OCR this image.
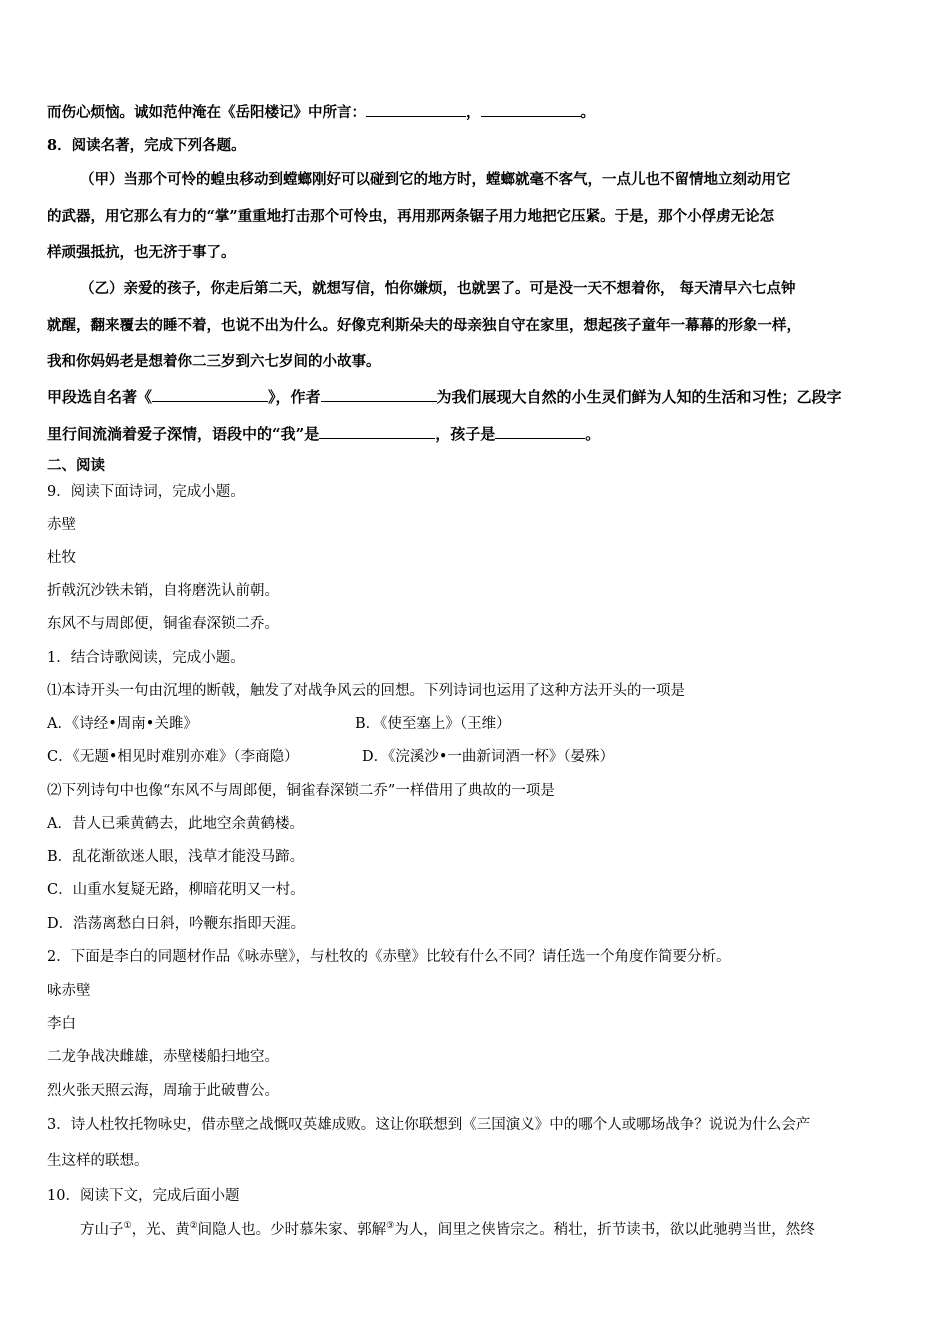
而伤心烦恼。诚如范仲淹在《岳阳楼记》中所言：	，	。
8．阅读名著，完成下列各题。
（甲）当那个可怜的蝗虫移动到螳螂刚好可以碰到它的地方时，螳螂就毫不客气，一点儿也不留情地立刻动用它
的武器，用它那么有力的“掌”重重地打击那个可怜虫，再用那两条锯子用力地把它压紧。于是，那个小俘虏无论怎
样顽强抵抗，也无济于事了。
（乙）亲爱的孩子，你走后第二天，就想写信，怕你嫌烦，也就罢了。可是没一天不想着你， 每天清早六七点钟
就醒，翻来覆去的睡不着，也说不出为什么。好像克利斯朵夫的母亲独自守在家里，想起孩子童年一幕幕的形象一样，
我和你妈妈老是想着你二三岁到六七岁间的小故事。
甲段选自名著《	》，作者	为我们展现大自然的小生灵们鲜为人知的生活和习性；乙段字
里行间流淌着爱子深情，语段中的“我”是	，孩子是	。
二、阅读
9．阅读下面诗词，完成小题。
赤壁
杜牧
折戟沉沙铁未销，自将磨洗认前朝。
东风不与周郎便，铜雀春深锁二乔。
1．结合诗歌阅读，完成小题。
⑴本诗开头一句由沉埋的断戟，触发了对战争风云的回想。下列诗词也运用了这种方法开头的一项是
A．《诗经•周南•关雎》	B．《使至塞上》（王维）
C．《无题•相见时难别亦难》（李商隐）	D．《浣溪沙•一曲新词酒一杯》（晏殊）
⑵下列诗句中也像“东风不与周郎便，铜雀春深锁二乔”一样借用了典故的一项是
A．昔人已乘黄鹤去，此地空余黄鹤楼。
B．乱花渐欲迷人眼，浅草才能没马蹄。
C．山重水复疑无路，柳暗花明又一村。
D．浩荡离愁白日斜，吟鞭东指即天涯。
2．下面是李白的同题材作品《咏赤壁》，与杜牧的《赤壁》比较有什么不同？请任选一个角度作简要分析。
咏赤壁
李白
二龙争战决雌雄，赤壁楼船扫地空。
烈火张天照云海，周瑜于此破曹公。
3．诗人杜牧托物咏史，借赤壁之战慨叹英雄成败。这让你联想到《三国演义》中的哪个人或哪场战争？说说为什么会产
生这样的联想。
10．阅读下文，完成后面小题
方山子①，光、黄②间隐人也。少时慕朱家、郭解③为人，闾里之侠皆宗之。稍壮，折节读书，欲以此驰骋当世，然终
